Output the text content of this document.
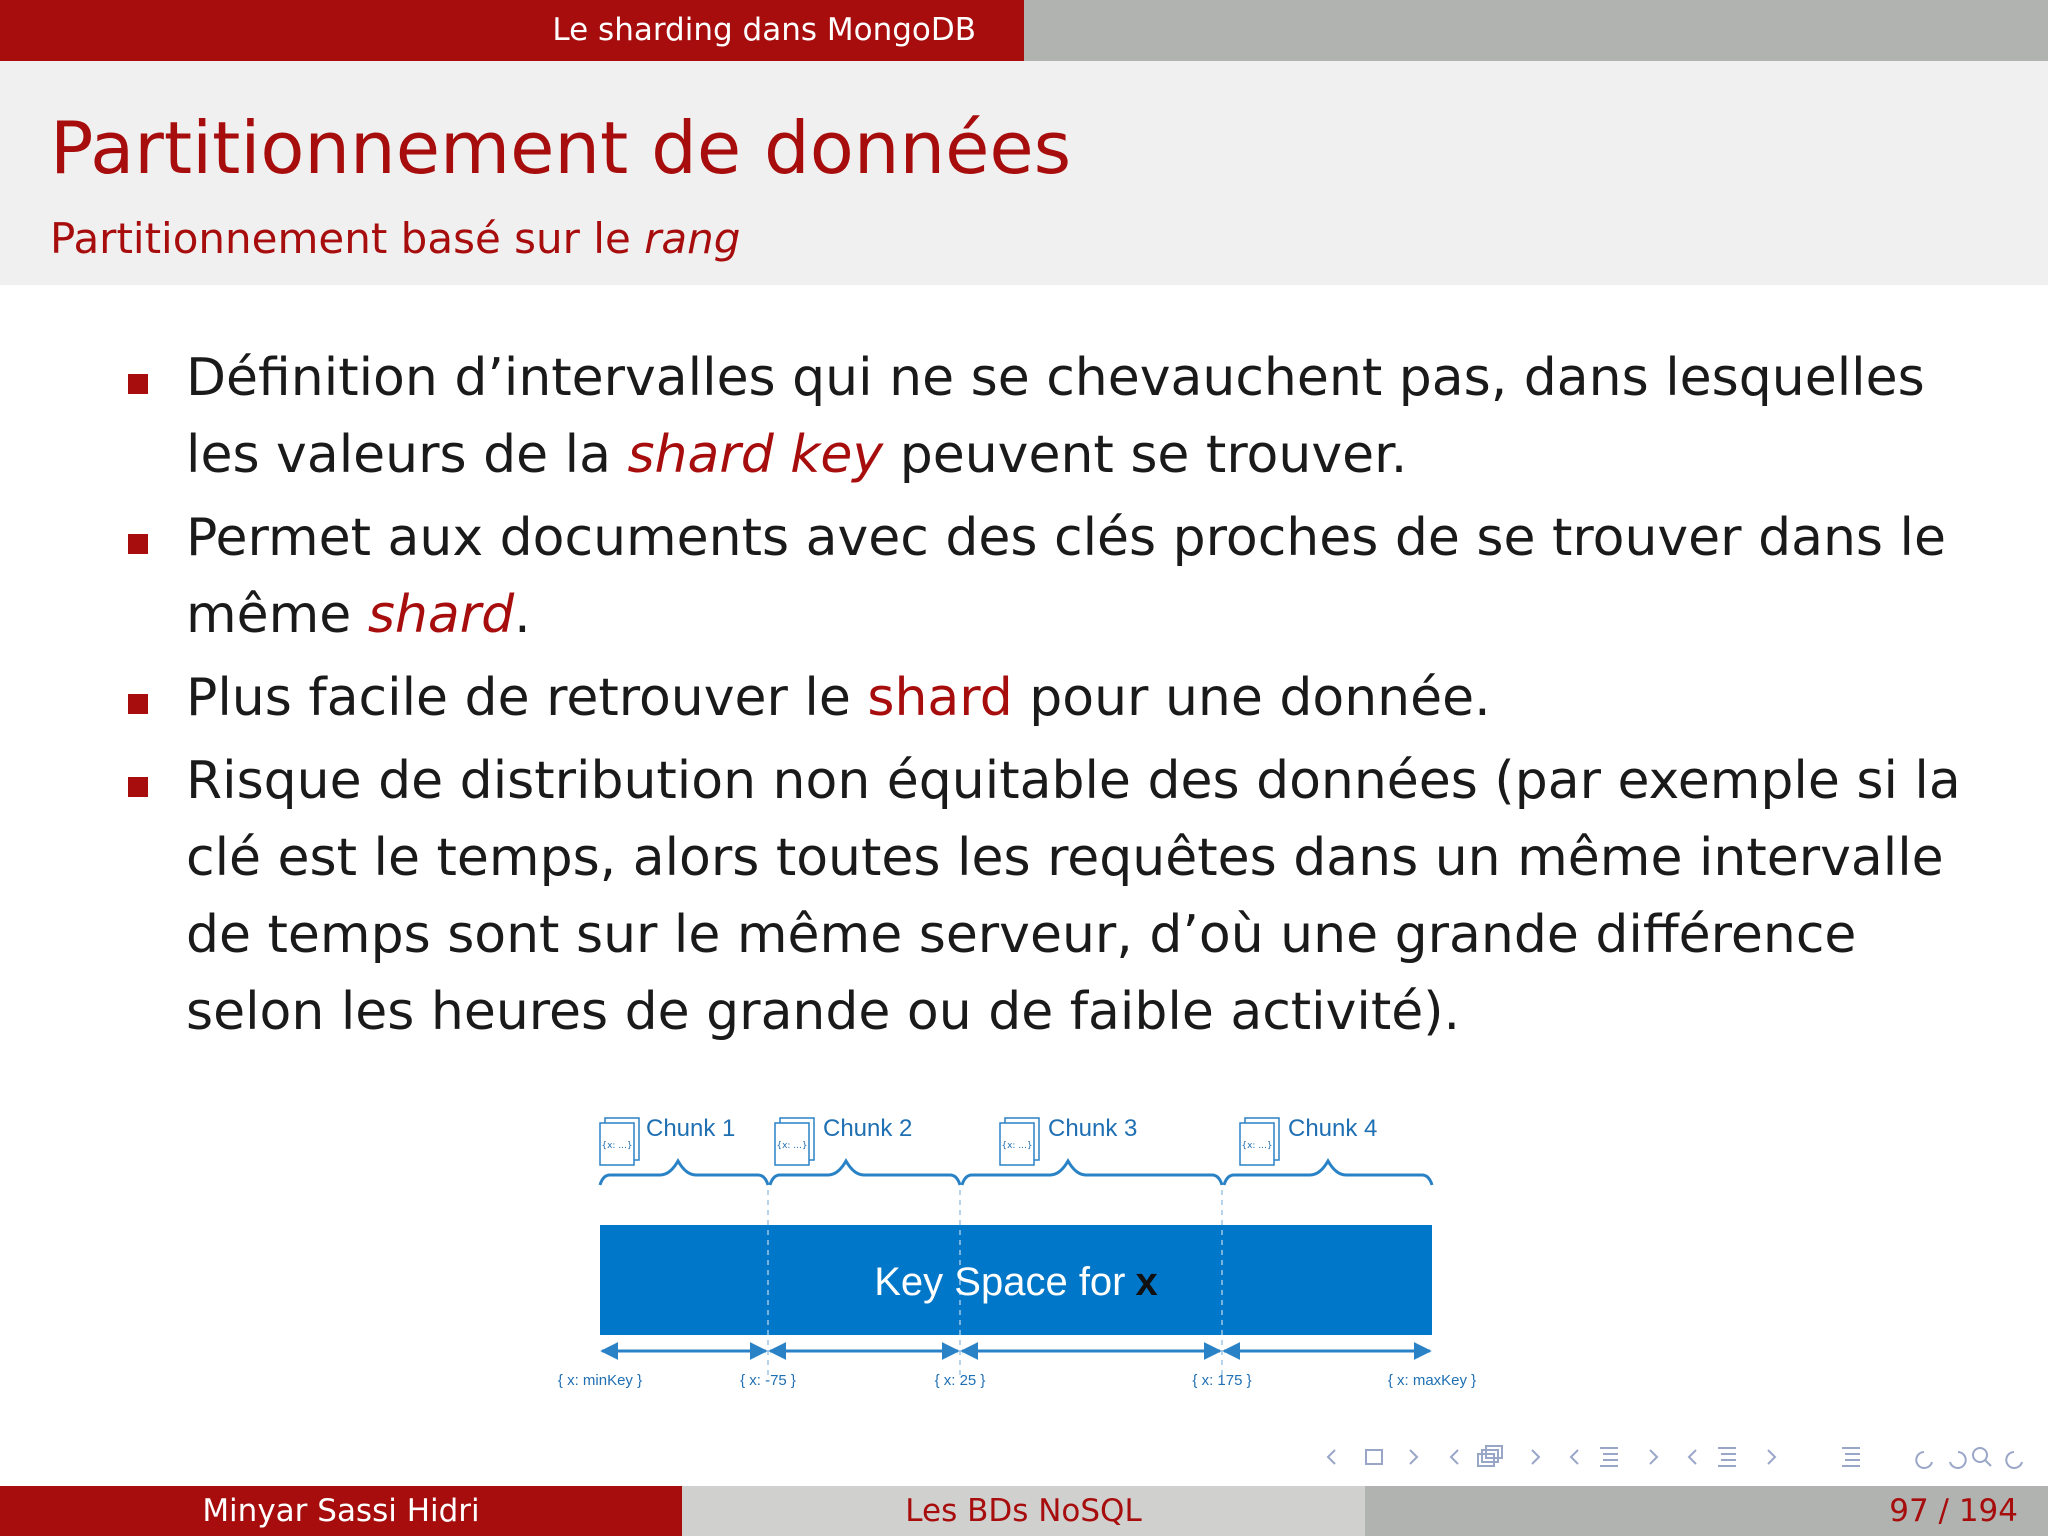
Le sharding dans MongoDB
Partitionnement de données
Partitionnement basé sur le rang
Définition d’intervalles qui ne se chevauchent pas, dans lesquelles les valeurs de la shard key peuvent se trouver.
Permet aux documents avec des clés proches de se trouver dans le même shard.
Plus facile de retrouver le shard pour une donnée.
Risque de distribution non équitable des données (par exemple si la clé est le temps, alors toutes les requêtes dans un même intervalle de temps sont sur le même serveur, d’où une grande différence selon les heures de grande ou de faible activité).
{x: ...}
Chunk 1
{x: ...}
Chunk 2
{x: ...}
Chunk 3
{x: ...}
Chunk 4
Key Space for x
{ x: minKey }	{ x: -75 }	{ x: 25 }	{ x: 175 }	{ x: maxKey }
Minyar Sassi Hidri	Les BDs NoSQL	97 / 194
